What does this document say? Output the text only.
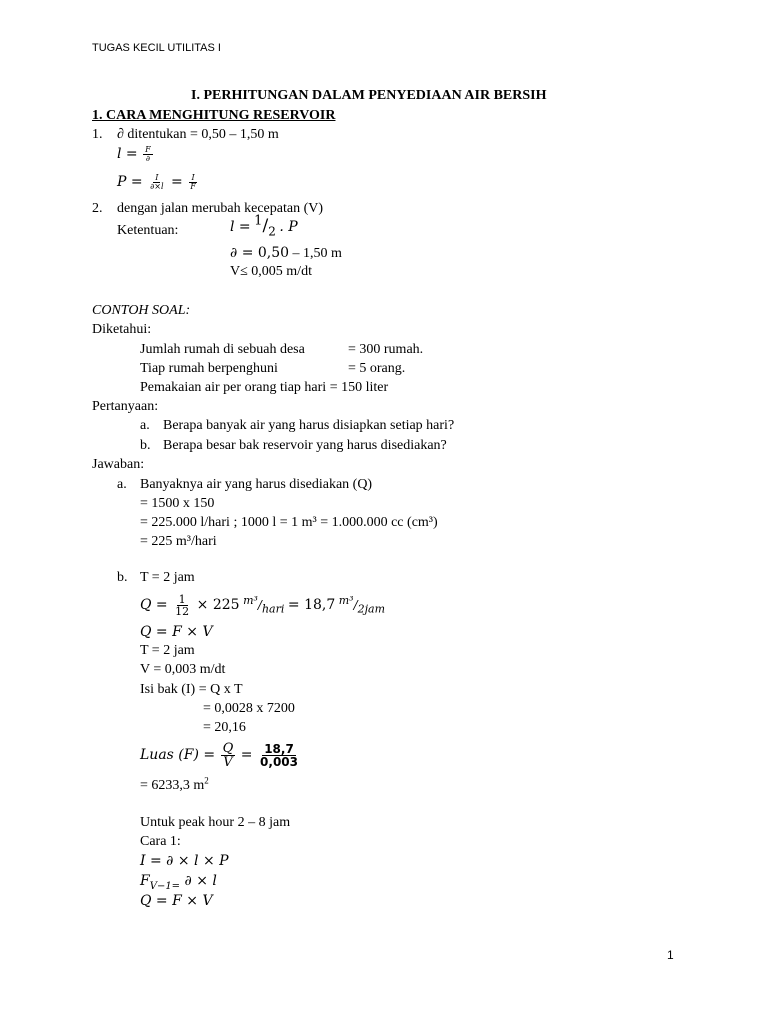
TUGAS KECIL UTILITAS I
I. PERHITUNGAN DALAM PENYEDIAAN AIR BERSIH
1. CARA MENGHITUNG RESERVOIR
1. ∂ ditentukan = 0,50 – 1,50 m
$l = \frac{F}{\partial}$
$P = \frac{I}{\partial\times l} = \frac{I}{F}$
2. dengan jalan merubah kecepatan (V)
Ketentuan:	$l = ^1/_2$ . P
∂ = 0,50 – 1,50 m
V≤ 0,005 m/dt
CONTOH SOAL:
Diketahui:
Jumlah rumah di sebuah desa	= 300 rumah.
Tiap rumah berpenghuni	= 5 orang.
Pemakaian air per orang tiap hari = 150 liter
Pertanyaan:
a. Berapa banyak air yang harus disiapkan setiap hari?
b. Berapa besar bak reservoir yang harus disediakan?
Jawaban:
a. Banyaknya air yang harus disediakan (Q)
= 1500 x 150
= 225.000 l/hari ; 1000 l = 1 m³ = 1.000.000 cc (cm³)
= 225 m³/hari
b. T = 2 jam
$Q = \frac{1}{12} \times 225$ $^{m^3}/_{hari} = 18,7$ $^{m^3}/_{2jam}$
Q = F × V
T = 2 jam
V = 0,003 m/dt
Isi bak (I) = Q x T
= 0,0028 x 7200
= 20,16
Luas $(F) = \frac{Q}{V} = \frac{18,7}{0,003}$
= 6233,3 $m^2$
Untuk peak hour 2 – 8 jam
Cara 1:
I = ∂ × l × P
$F_{V-1=}$ ∂ × l
Q = F × V
1
